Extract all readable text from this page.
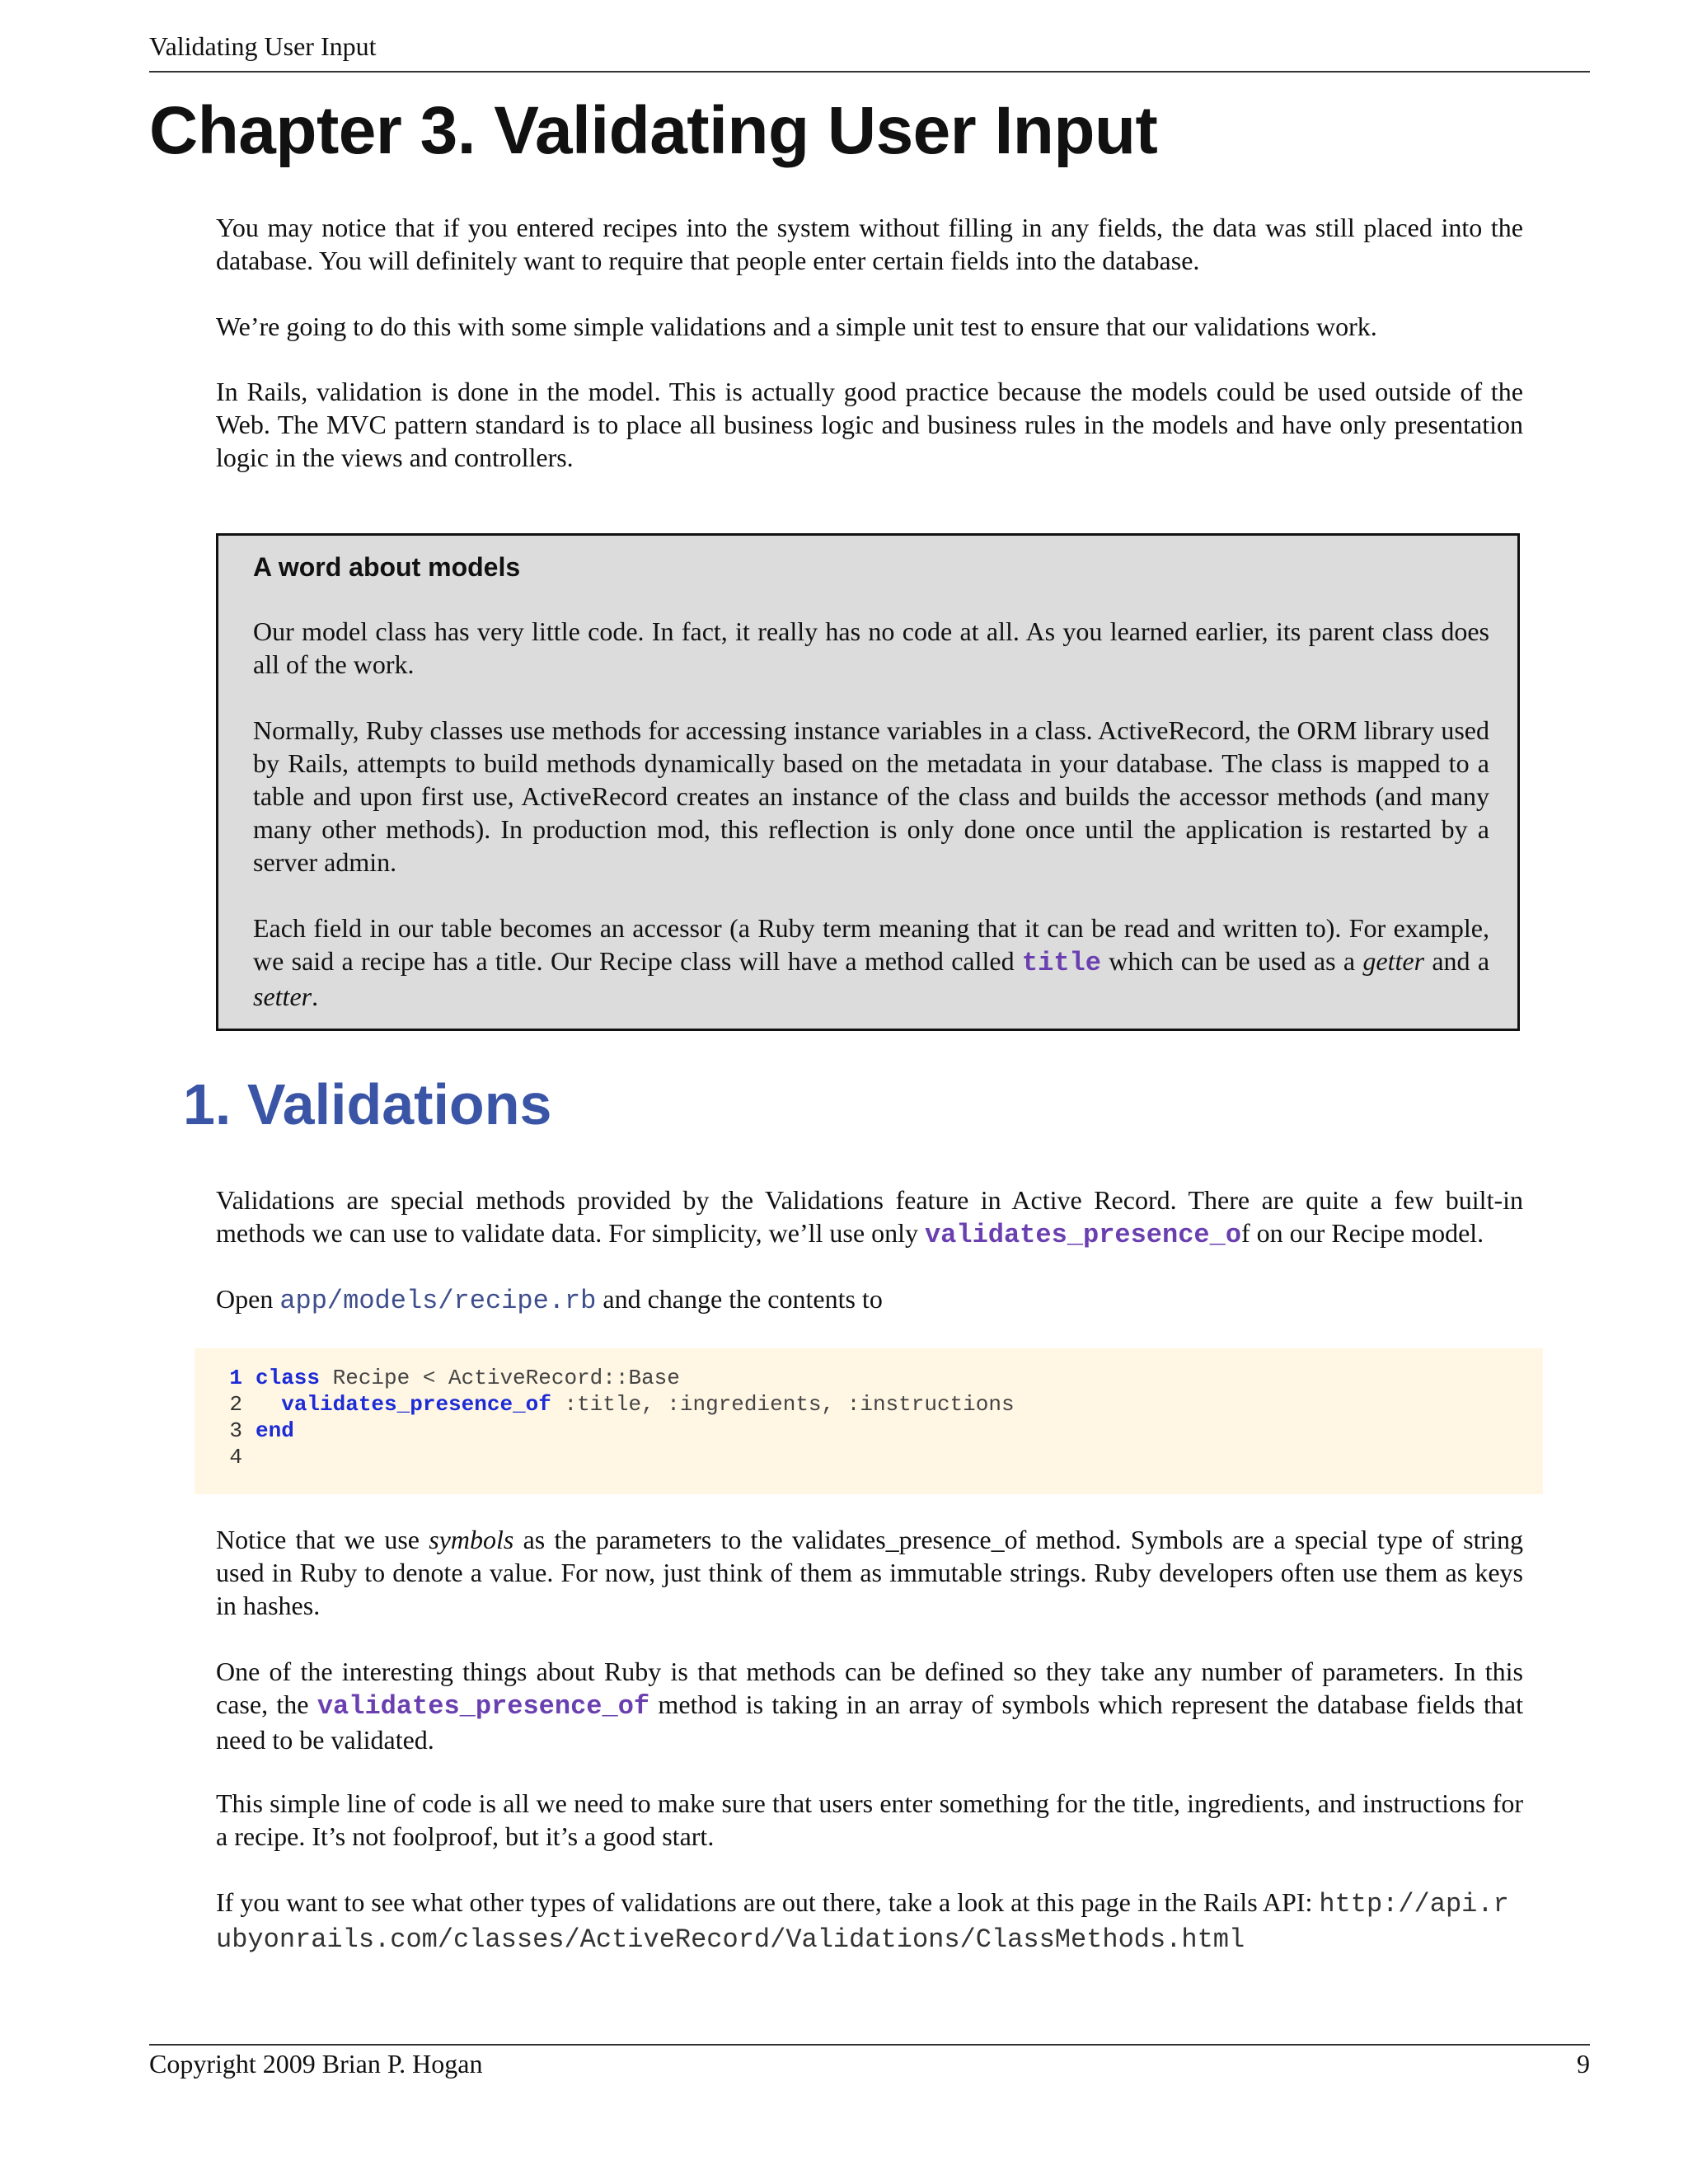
Validating User Input
Chapter 3. Validating User Input

You may notice that if you entered recipes into the system without filling in any fields, the data was still placed into the database. You will definitely want to require that people enter certain fields into the database.

We’re going to do this with some simple validations and a simple unit test to ensure that our validations work.

In Rails, validation is done in the model. This is actually good practice because the models could be used outside of the Web. The MVC pattern standard is to place all business logic and business rules in the models and have only presentation logic in the views and controllers.

A word about models

Our model class has very little code. In fact, it really has no code at all. As you learned earlier, its parent class does all of the work.

Normally, Ruby classes use methods for accessing instance variables in a class. ActiveRecord, the ORM library used by Rails, attempts to build methods dynamically based on the metadata in your database. The class is mapped to a table and upon first use, ActiveRecord creates an instance of the class and builds the accessor methods (and many many other methods). In production mod, this reflection is only done once until the application is restarted by a server admin.

Each field in our table becomes an accessor (a Ruby term meaning that it can be read and written to). For example, we said a recipe has a title. Our Recipe class will have a method called title which can be used as a getter and a setter.

1. Validations

Validations are special methods provided by the Validations feature in Active Record. There are quite a few built-in methods we can use to validate data. For simplicity, we’ll use only validates_presence_of on our Recipe model.

Open app/models/recipe.rb and change the contents to

1 class Recipe < ActiveRecord::Base
2 validates_presence_of :title, :ingredients, :instructions
3 end
4

Notice that we use symbols as the parameters to the validates_presence_of method. Symbols are a special type of string used in Ruby to denote a value. For now, just think of them as immutable strings. Ruby developers often use them as keys in hashes.

One of the interesting things about Ruby is that methods can be defined so they take any number of parameters. In this case, the validates_presence_of method is taking in an array of symbols which represent the database fields that need to be validated.

This simple line of code is all we need to make sure that users enter something for the title, ingredients, and instructions for a recipe. It’s not foolproof, but it’s a good start.

If you want to see what other types of validations are out there, take a look at this page in the Rails API: http://api.rubyonrails.com/classes/ActiveRecord/Validations/ClassMethods.html

Copyright 2009 Brian P. Hogan	9
